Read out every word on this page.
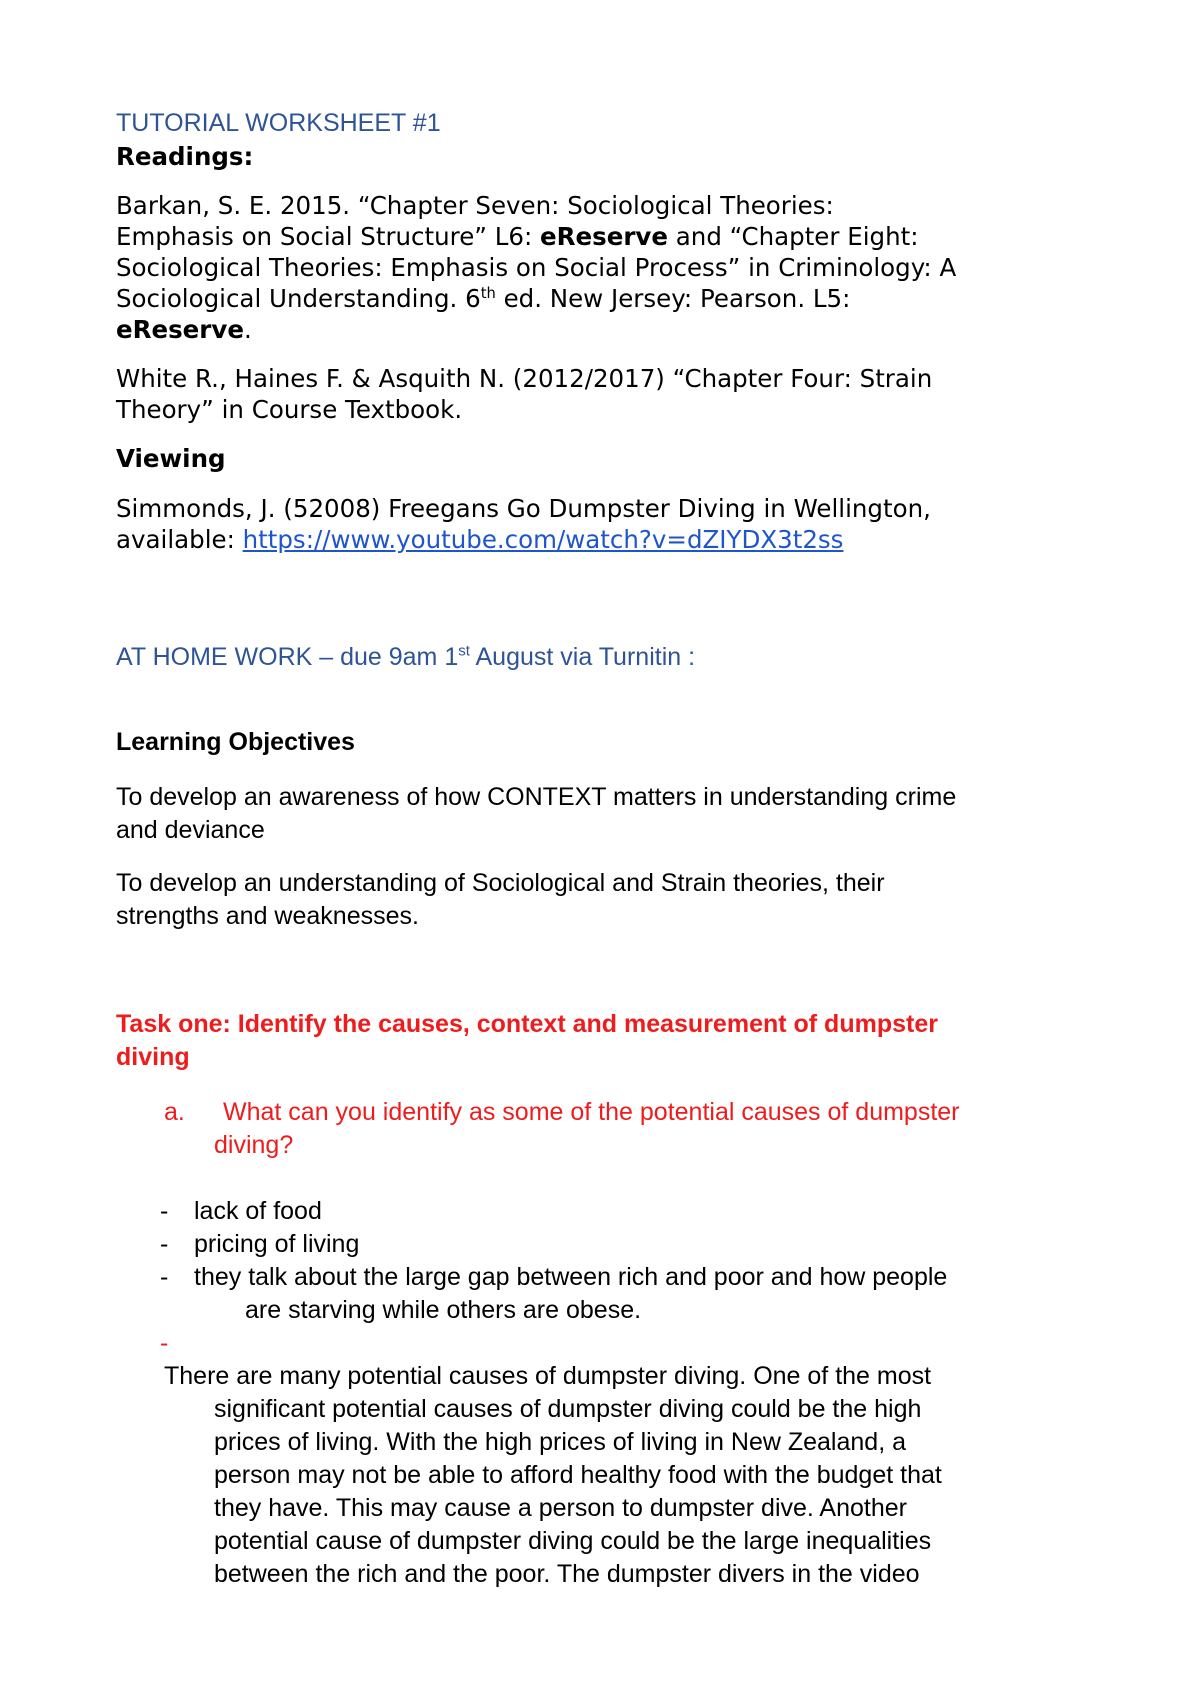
TUTORIAL WORKSHEET #1

Readings:

Barkan, S. E. 2015. “Chapter Seven: Sociological Theories:

Emphasis on Social Structure” L6: eReserve and “Chapter Eight:

Sociological Theories: Emphasis on Social Process” in Criminology: A

Sociological Understanding. 6th ed. New Jersey: Pearson. L5:

eReserve.

White R., Haines F. & Asquith N. (2012/2017) “Chapter Four: Strain

Theory” in Course Textbook.

Viewing

Simmonds, J. (52008) Freegans Go Dumpster Diving in Wellington,

available: https://www.youtube.com/watch?v=dZIYDX3t2ss

AT HOME WORK – due 9am 1st August via Turnitin :

Learning Objectives

To develop an awareness of how CONTEXT matters in understanding crime

and deviance

To develop an understanding of Sociological and Strain theories, their

strengths and weaknesses.

Task one: Identify the causes, context and measurement of dumpster

diving

a. What can you identify as some of the potential causes of dumpster

diving?

- lack of food

- pricing of living

- they talk about the large gap between rich and poor and how people

are starving while others are obese.

-

There are many potential causes of dumpster diving. One of the most

significant potential causes of dumpster diving could be the high

prices of living. With the high prices of living in New Zealand, a

person may not be able to afford healthy food with the budget that

they have. This may cause a person to dumpster dive. Another

potential cause of dumpster diving could be the large inequalities

between the rich and the poor. The dumpster divers in the video
